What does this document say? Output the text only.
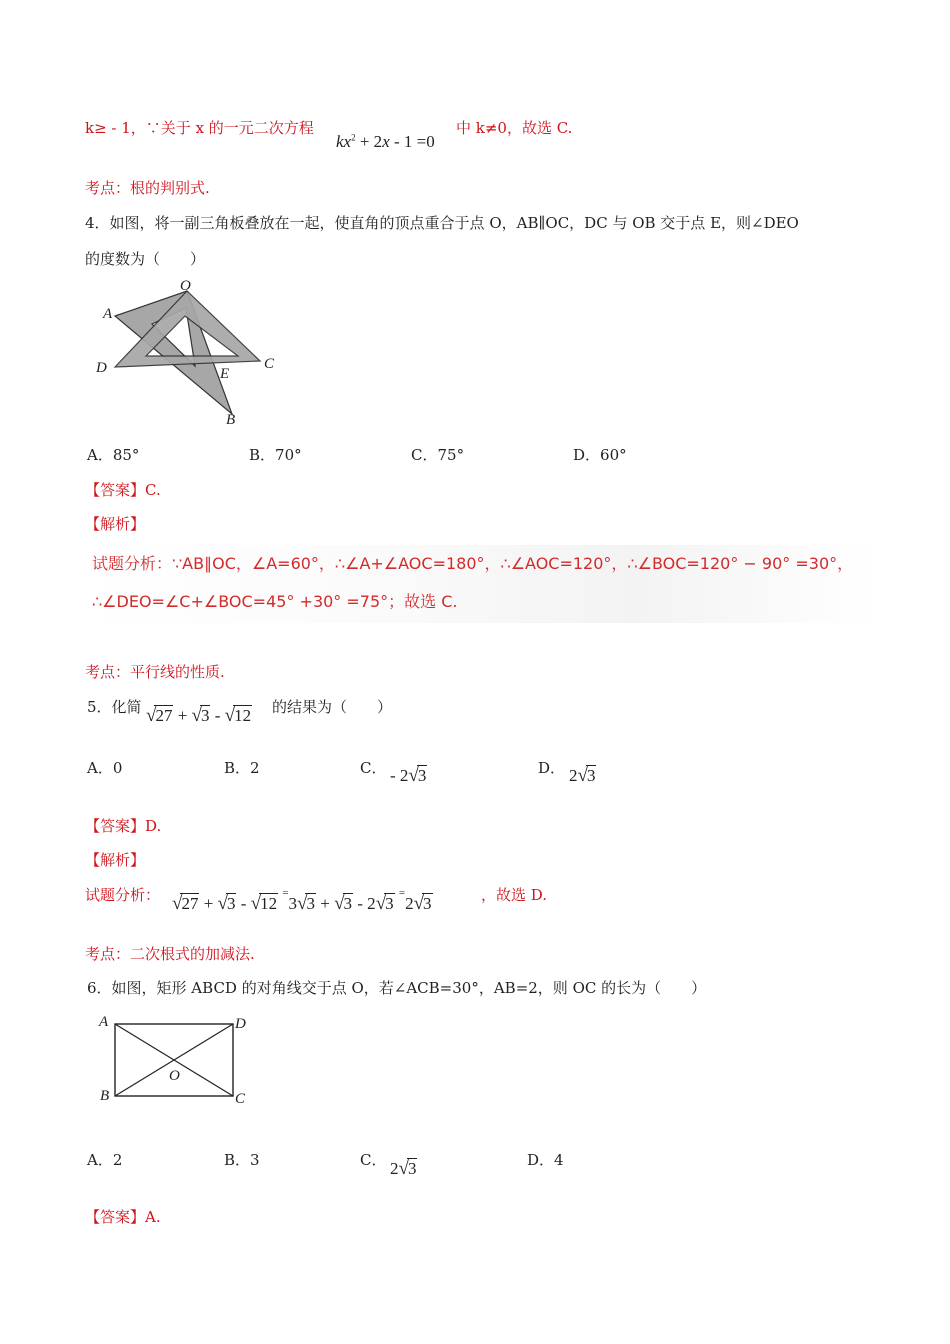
k≥ - 1，∵关于 x 的一元二次方程
$kx^2 + 2x - 1 =0$
中 k≠0，故选 C.
考点：根的判别式.
4．如图，将一副三角板叠放在一起，使直角的顶点重合于点 O，AB∥OC，DC 与 OB 交于点 E，则∠DEO
的度数为（　　）
O
A
D	C
E
B
A．85°	B．70°	C．75°	D．60°
【答案】C.
【解析】
试题分析：∵AB∥OC，∠A=60°，∴∠A+∠AOC=180°，∴∠AOC=120°，∴∠BOC=120° − 90° =30°，
∴∠DEO=∠C+∠BOC=45° +30° =75°；故选 C.
考点：平行线的性质.
5．化简 √27 + √3 - √12 的结果为（　　）
A．0	B．2	C． - 2√3	D． 2√3
【答案】D.
【解析】
试题分析： √27 + √3 - √12 =3√3 + √3 - 2√3 =2√3	，故选 D.
考点：二次根式的加减法.
6．如图，矩形 ABCD 的对角线交于点 O，若∠ACB=30°，AB=2，则 OC 的长为（　　）
A	D
B	C
O
A．2	B．3	C． 2√3	D．4
【答案】A.
